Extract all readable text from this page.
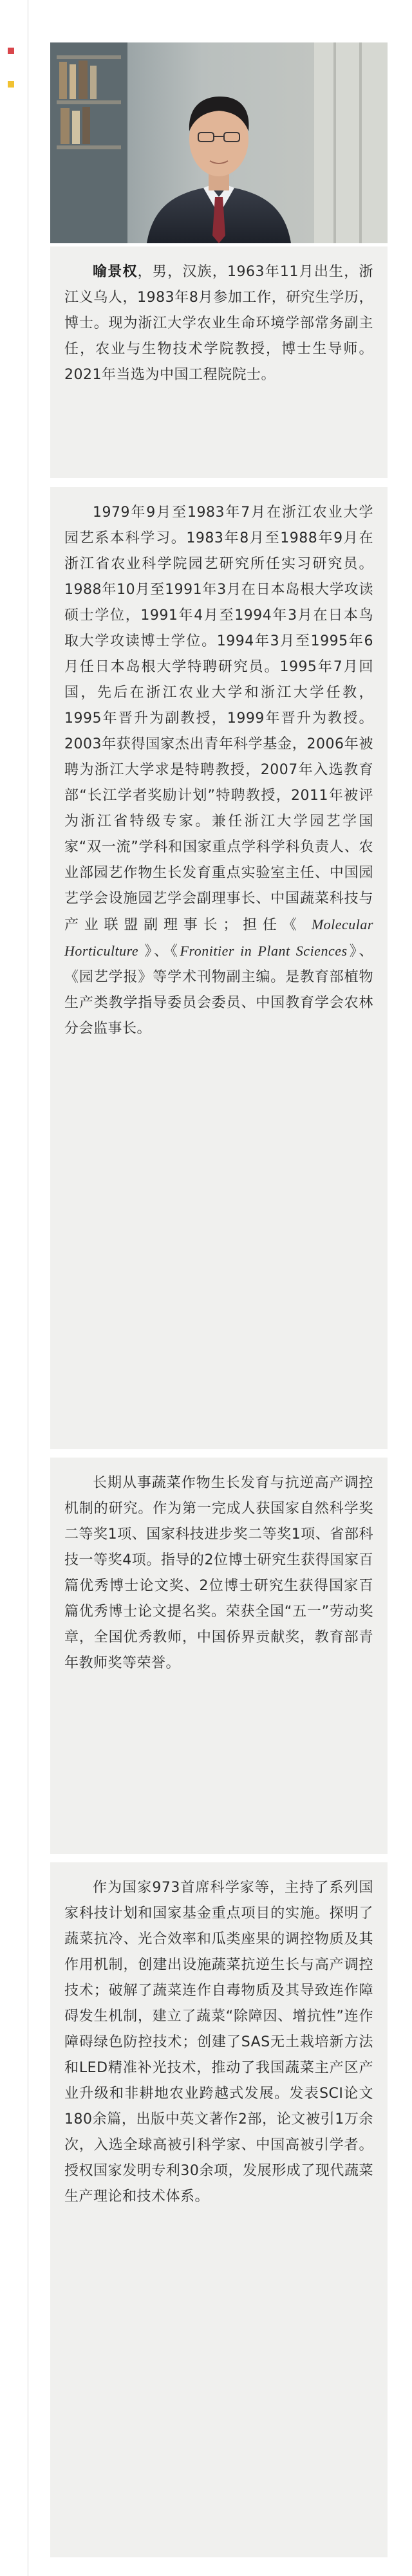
喻景权，男，汉族，1963年11月出生，浙江义乌人，1983年8月参加工作，研究生学历，博士。现为浙江大学农业生命环境学部常务副主任，农业与生物技术学院教授，博士生导师。2021年当选为中国工程院院士。

1979年9月至1983年7月在浙江农业大学园艺系本科学习。1983年8月至1988年9月在浙江省农业科学院园艺研究所任实习研究员。1988年10月至1991年3月在日本岛根大学攻读硕士学位，1991年4月至1994年3月在日本鸟取大学攻读博士学位。1994年3月至1995年6月任日本岛根大学特聘研究员。1995年7月回国，先后在浙江农业大学和浙江大学任教，1995年晋升为副教授，1999年晋升为教授。2003年获得国家杰出青年科学基金，2006年被聘为浙江大学求是特聘教授，2007年入选教育部“长江学者奖励计划”特聘教授，2011年被评为浙江省特级专家。兼任浙江大学园艺学国家“双一流”学科和国家重点学科学科负责人、农业部园艺作物生长发育重点实验室主任、中国园艺学会设施园艺学会副理事长、中国蔬菜科技与产业联盟副理事长；担任《 Molecular Horticulture 》、《Fronitier in Plant Sciences》、《园艺学报》等学术刊物副主编。是教育部植物生产类教学指导委员会委员、中国教育学会农林分会监事长。

长期从事蔬菜作物生长发育与抗逆高产调控机制的研究。作为第一完成人获国家自然科学奖二等奖1项、国家科技进步奖二等奖1项、省部科技一等奖4项。指导的2位博士研究生获得国家百篇优秀博士论文奖、2位博士研究生获得国家百篇优秀博士论文提名奖。荣获全国“五一”劳动奖章，全国优秀教师，中国侨界贡献奖，教育部青年教师奖等荣誉。

作为国家973首席科学家等，主持了系列国家科技计划和国家基金重点项目的实施。探明了蔬菜抗冷、光合效率和瓜类座果的调控物质及其作用机制，创建出设施蔬菜抗逆生长与高产调控技术；破解了蔬菜连作自毒物质及其导致连作障碍发生机制，建立了蔬菜“除障因、增抗性”连作障碍绿色防控技术；创建了SAS无土栽培新方法和LED精准补光技术，推动了我国蔬菜主产区产业升级和非耕地农业跨越式发展。发表SCI论文180余篇，出版中英文著作2部，论文被引1万余次，入选全球高被引科学家、中国高被引学者。授权国家发明专利30余项，发展形成了现代蔬菜生产理论和技术体系。
